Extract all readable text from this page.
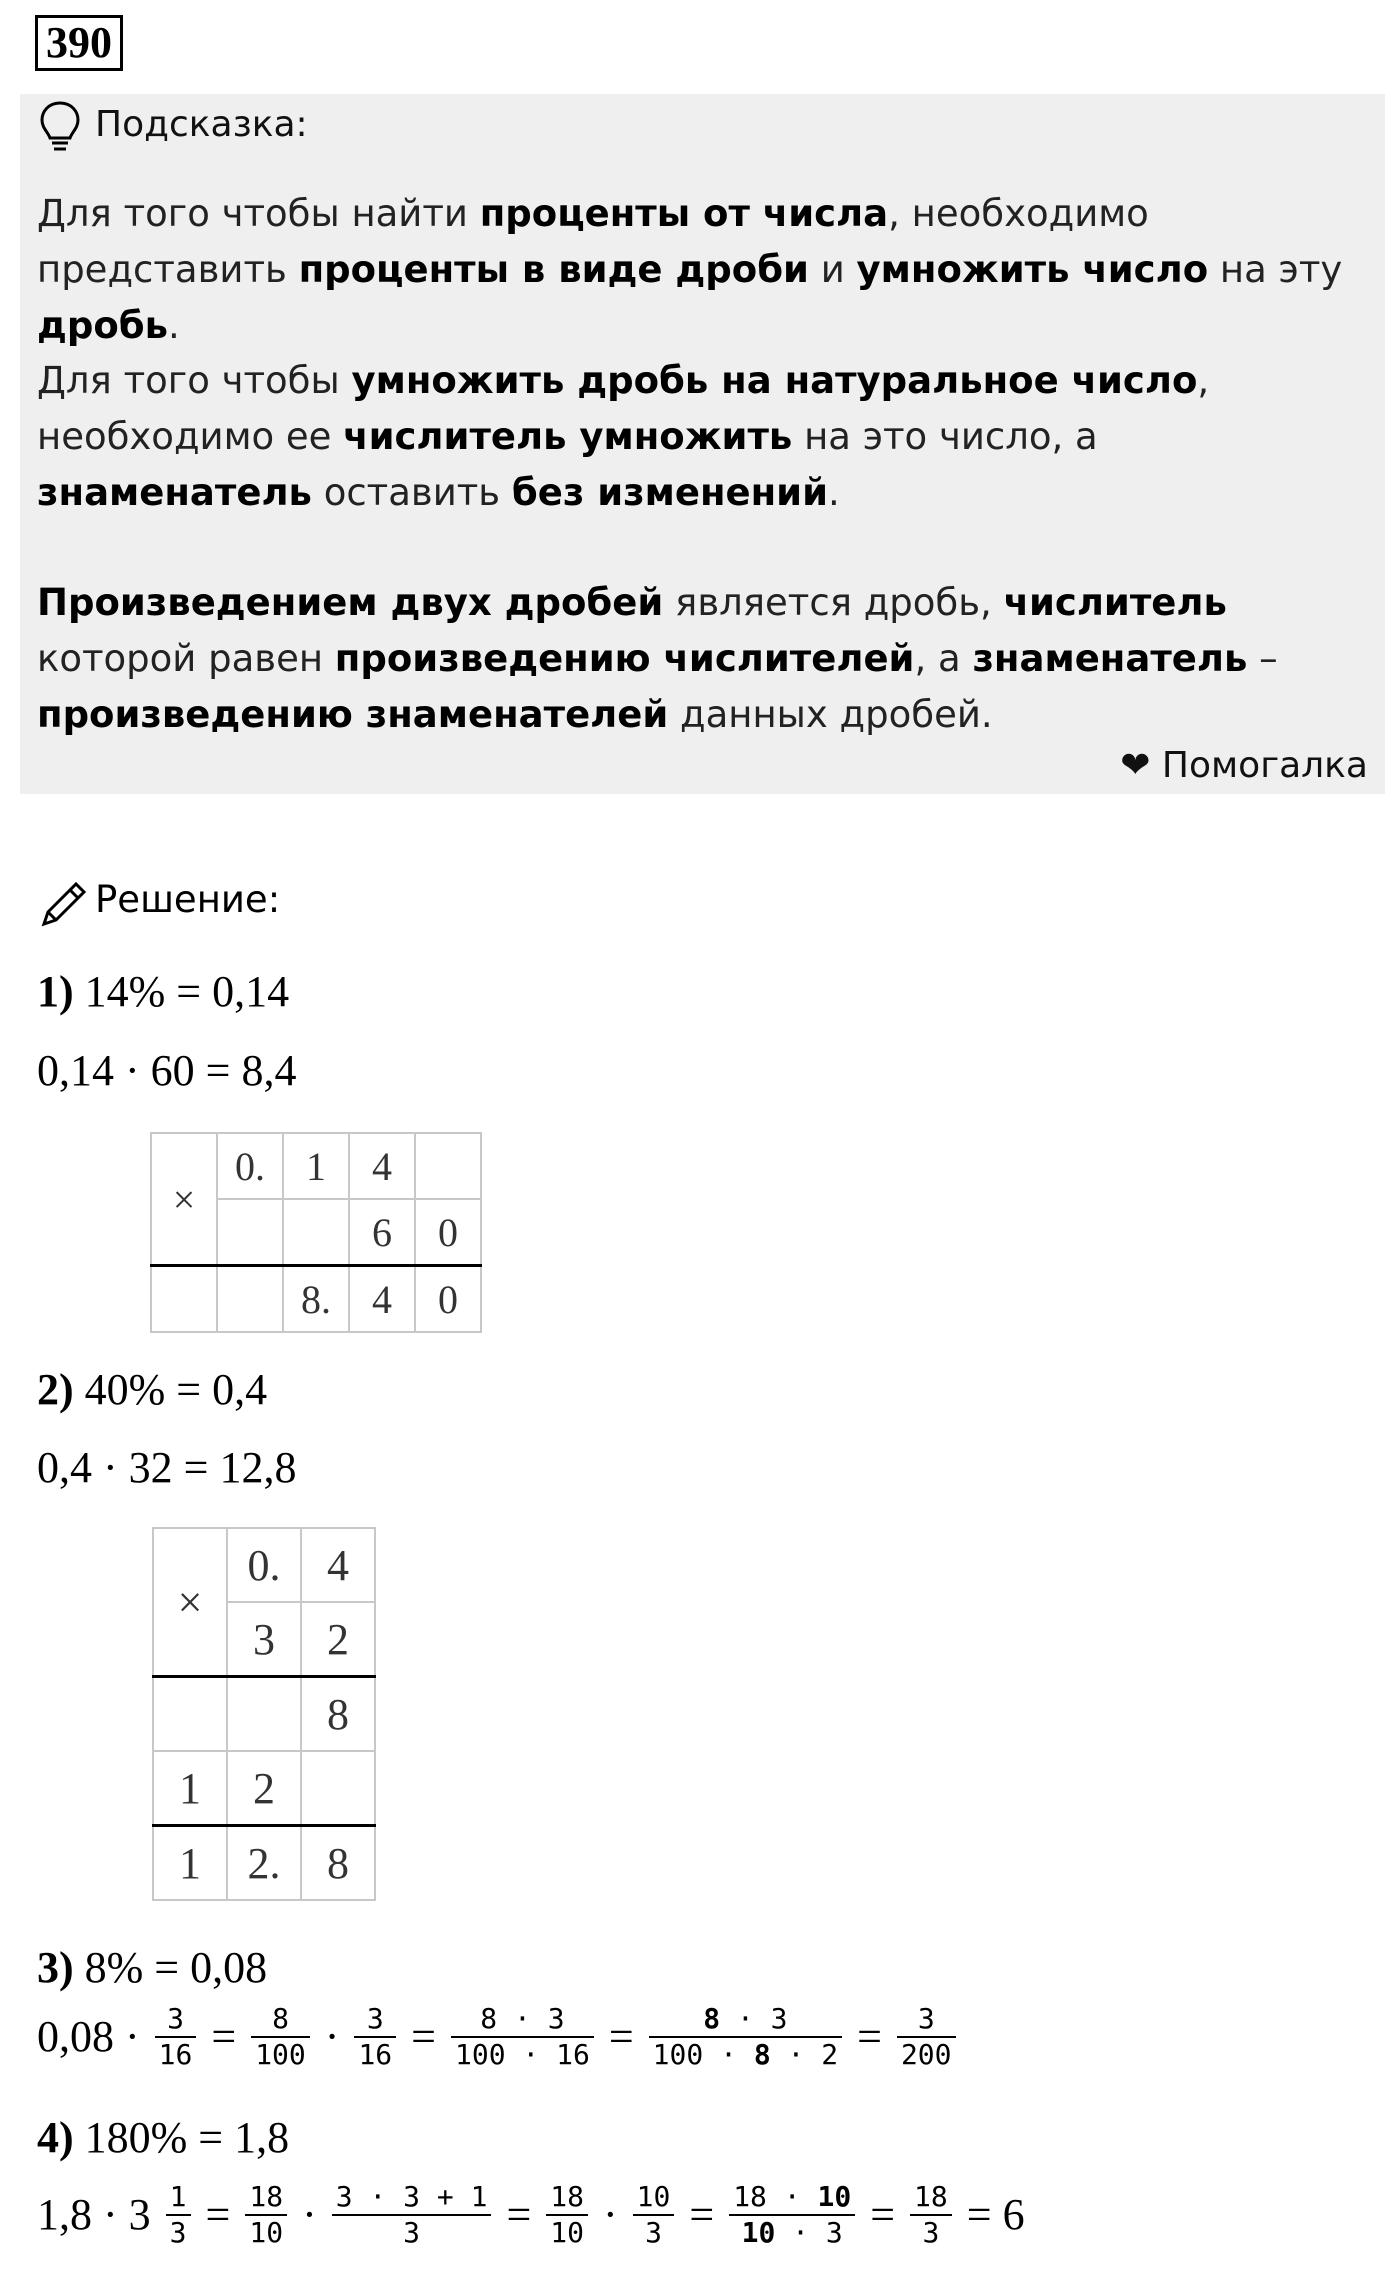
390
Подсказка:
Для того чтобы найти проценты от числа, необходимо представить проценты в виде дроби и умножить число на эту дробь.
Для того чтобы умножить дробь на натуральное число, необходимо ее числитель умножить на это число, а знаменатель оставить без изменений.
Произведением двух дробей является дробь, числитель которой равен произведению числителей, а знаменатель – произведению знаменателей данных дробей.
❤ Помогалка
Решение:
1) 14% = 0,14
0,14 · 60 = 8,4
×	0.	1	4	
			6	0
		8.	4	0
2) 40% = 0,4
0,4 · 32 = 12,8
×	0.	4
	3	2
		8
1	2	
1	2.	8
3) 8% = 0,08
$0,08 \cdot \frac{3}{16} = \frac{8}{100} \cdot \frac{3}{16} = \frac{8 \cdot 3}{100 \cdot 16} = \frac{8 \cdot 3}{100 \cdot 8 \cdot 2} = \frac{3}{200}$
4) 180% = 1,8
$1,8 \cdot 3 \frac{1}{3} = \frac{18}{10} \cdot \frac{3 \cdot 3 + 1}{3} = \frac{18}{10} \cdot \frac{10}{3} = \frac{18 \cdot 10}{10 \cdot 3} = \frac{18}{3} = 6$
